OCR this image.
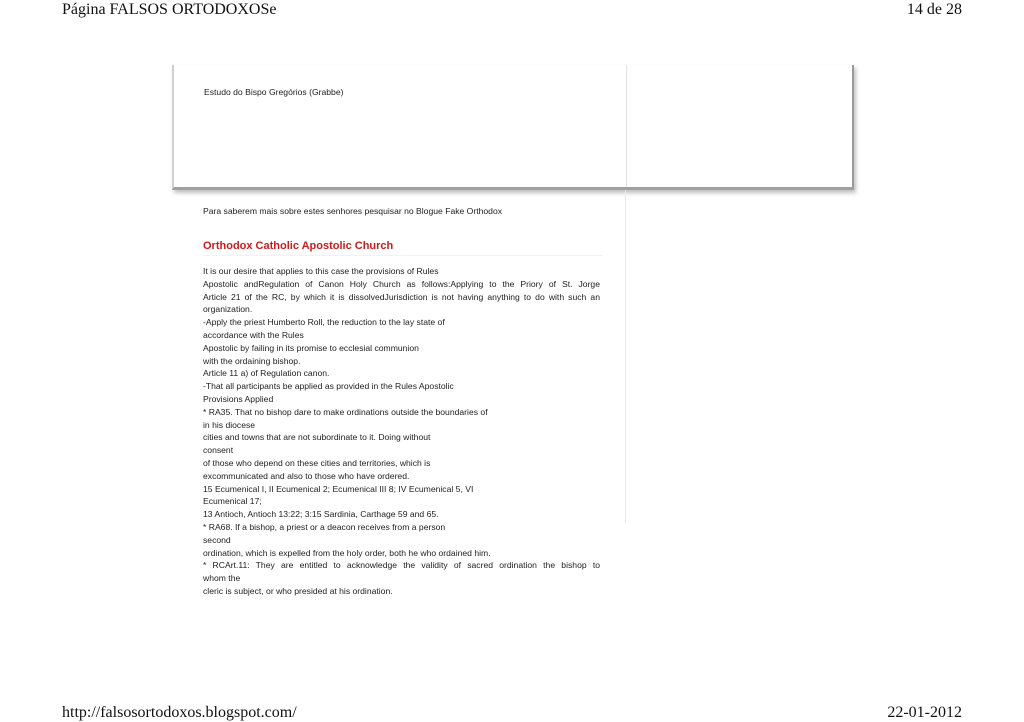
Página FALSOS ORTODOXOSe	14 de 28
Estudo do Bispo Gregórios (Grabbe)
Para saberem mais sobre estes senhores pesquisar no Blogue Fake Orthodox
Orthodox Catholic Apostolic Church
It is our desire that applies to this case the provisions of Rules
Apostolic andRegulation of Canon Holy Church as follows:Applying to the Priory of St. Jorge
Article 21 of the RC, by which it is dissolvedJurisdiction is not having anything to do with such an
organization.
-Apply the priest Humberto Roll, the reduction to the lay state of
accordance with the Rules
Apostolic by failing in its promise to ecclesial communion
with the ordaining bishop.
Article 11 a) of Regulation canon.
-That all participants be applied as provided in the Rules Apostolic
Provisions Applied
* RA35. That no bishop dare to make ordinations outside the boundaries of
in his diocese
cities and towns that are not subordinate to it. Doing without
consent
of those who depend on these cities and territories, which is
excommunicated and also to those who have ordered.
15 Ecumenical I, II Ecumenical 2; Ecumenical III 8; IV Ecumenical 5, VI
Ecumenical 17;
13 Antioch, Antioch 13:22; 3:15 Sardinia, Carthage 59 and 65.
* RA68. If a bishop, a priest or a deacon receives from a person
second
ordination, which is expelled from the holy order, both he who ordained him.
* RCArt.11: They are entitled to acknowledge the validity of sacred ordination the bishop to
whom the
cleric is subject, or who presided at his ordination.
http://falsosortodoxos.blogspot.com/	22-01-2012
